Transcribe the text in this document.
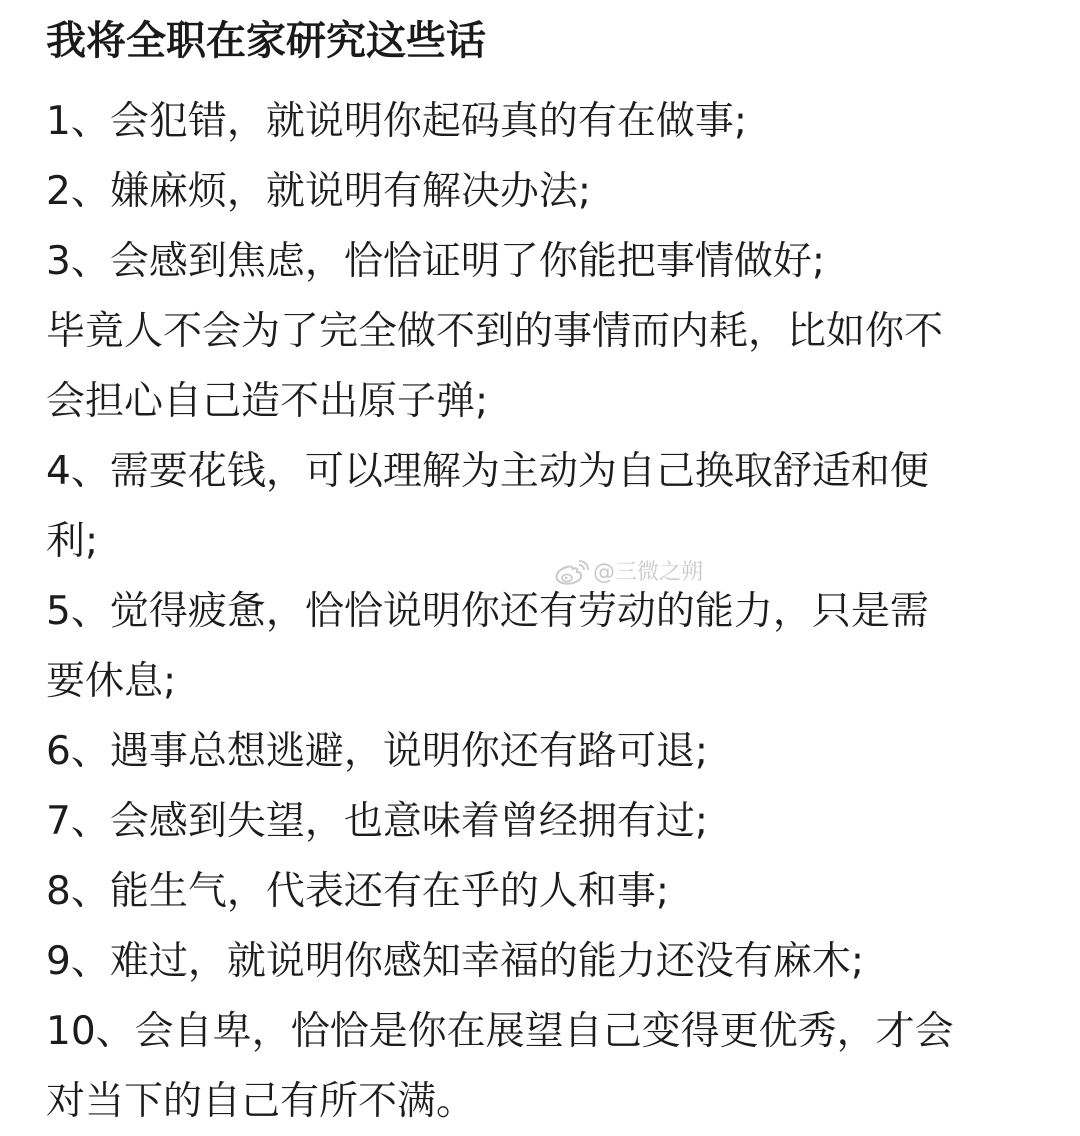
我将全职在家研究这些话
1、会犯错，就说明你起码真的有在做事;
2、嫌麻烦，就说明有解决办法;
3、会感到焦虑，恰恰证明了你能把事情做好;
毕竟人不会为了完全做不到的事情而内耗，比如你不
会担心自己造不出原子弹;
4、需要花钱，可以理解为主动为自己换取舒适和便
利;
5、觉得疲惫，恰恰说明你还有劳动的能力，只是需
要休息;
6、遇事总想逃避，说明你还有路可退;
7、会感到失望，也意味着曾经拥有过;
8、能生气，代表还有在乎的人和事;
9、难过，就说明你感知幸福的能力还没有麻木;
10、会自卑，恰恰是你在展望自己变得更优秀，才会
对当下的自己有所不满。
@三微之朔
